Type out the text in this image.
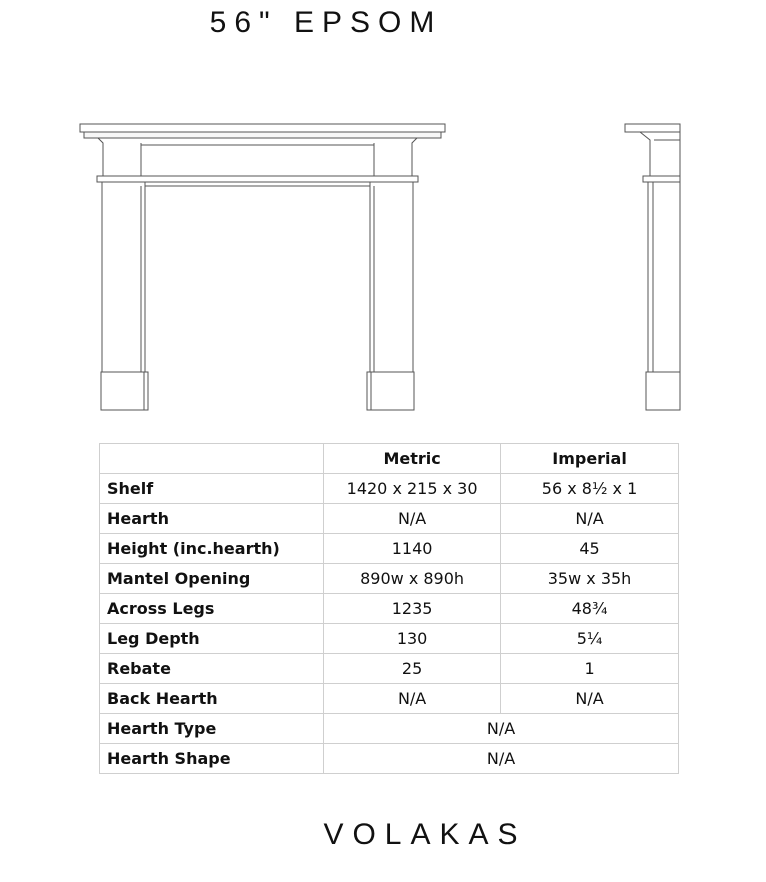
56" EPSOM
	Metric	Imperial
Shelf	1420 x 215 x 30	56 x 8½ x 1
Hearth	N/A	N/A
Height (inc.hearth)	1140	45
Mantel Opening	890w x 890h	35w x 35h
Across Legs	1235	48¾
Leg Depth	130	5¼
Rebate	25	1
Back Hearth	N/A	N/A
Hearth Type	N/A	
Hearth Shape	N/A	
VOLAKAS
